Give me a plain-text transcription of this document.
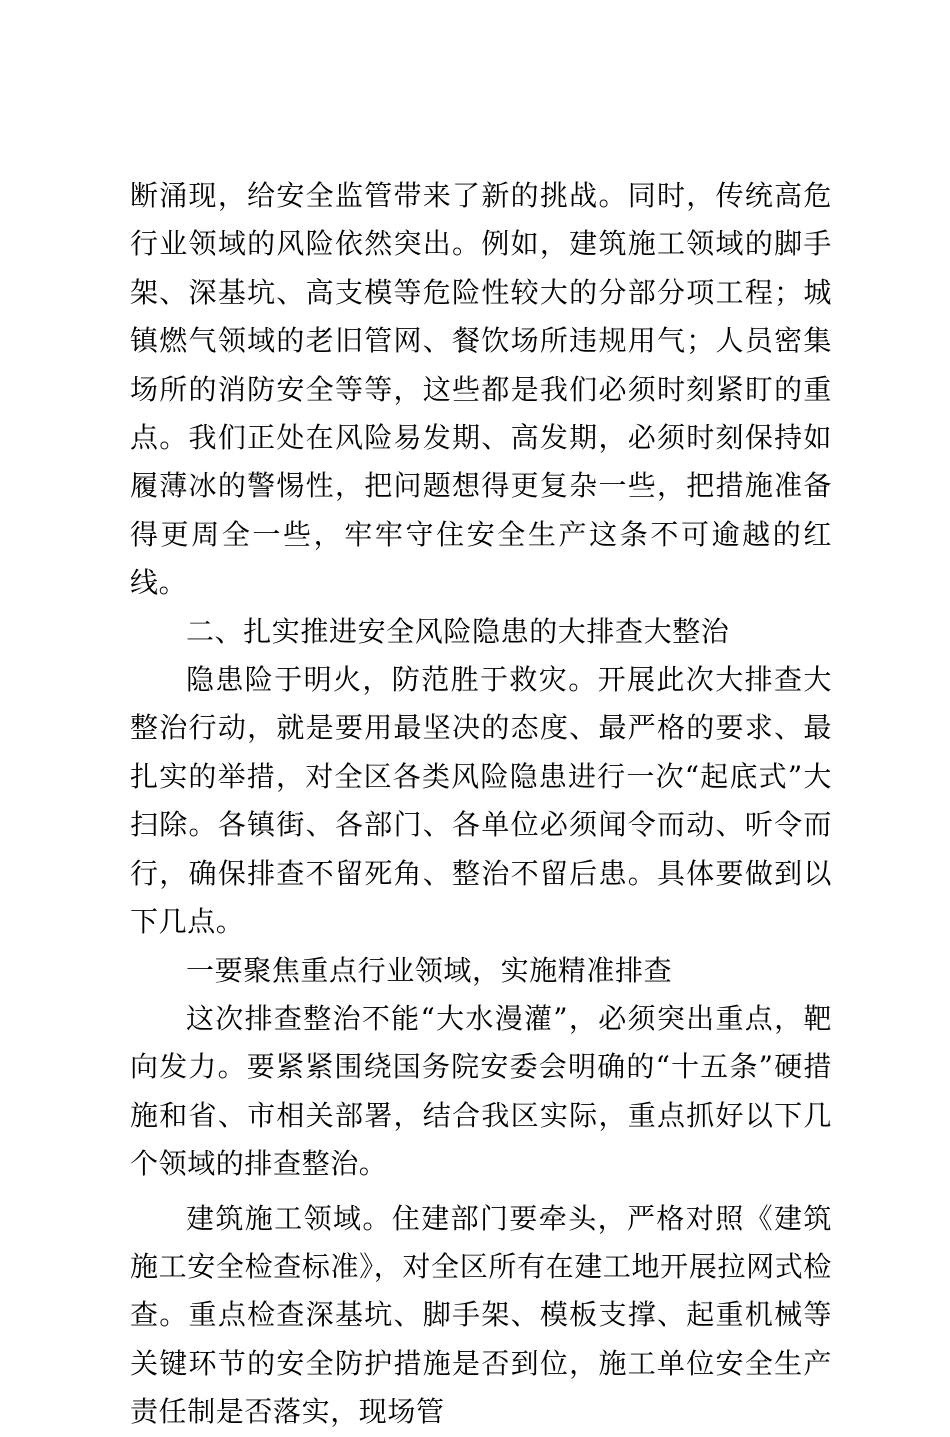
断涌现，给安全监管带来了新的挑战。同时，传统高危行业领域的风险依然突出。例如，建筑施工领域的脚手架、深基坑、高支模等危险性较大的分部分项工程；城镇燃气领域的老旧管网、餐饮场所违规用气；人员密集场所的消防安全等等，这些都是我们必须时刻紧盯的重点。我们正处在风险易发期、高发期，必须时刻保持如履薄冰的警惕性，把问题想得更复杂一些，把措施准备得更周全一些，牢牢守住安全生产这条不可逾越的红线。

二、扎实推进安全风险隐患的大排查大整治

隐患险于明火，防范胜于救灾。开展此次大排查大整治行动，就是要用最坚决的态度、最严格的要求、最扎实的举措，对全区各类风险隐患进行一次“起底式”大扫除。各镇街、各部门、各单位必须闻令而动、听令而行，确保排查不留死角、整治不留后患。具体要做到以下几点。

一要聚焦重点行业领域，实施精准排查

这次排查整治不能“大水漫灌”，必须突出重点，靶向发力。要紧紧围绕国务院安委会明确的“十五条”硬措施和省、市相关部署，结合我区实际，重点抓好以下几个领域的排查整治。

建筑施工领域。住建部门要牵头，严格对照《建筑施工安全检查标准》，对全区所有在建工地开展拉网式检查。重点检查深基坑、脚手架、模板支撑、起重机械等关键环节的安全防护措施是否到位，施工单位安全生产责任制是否落实，现场管
